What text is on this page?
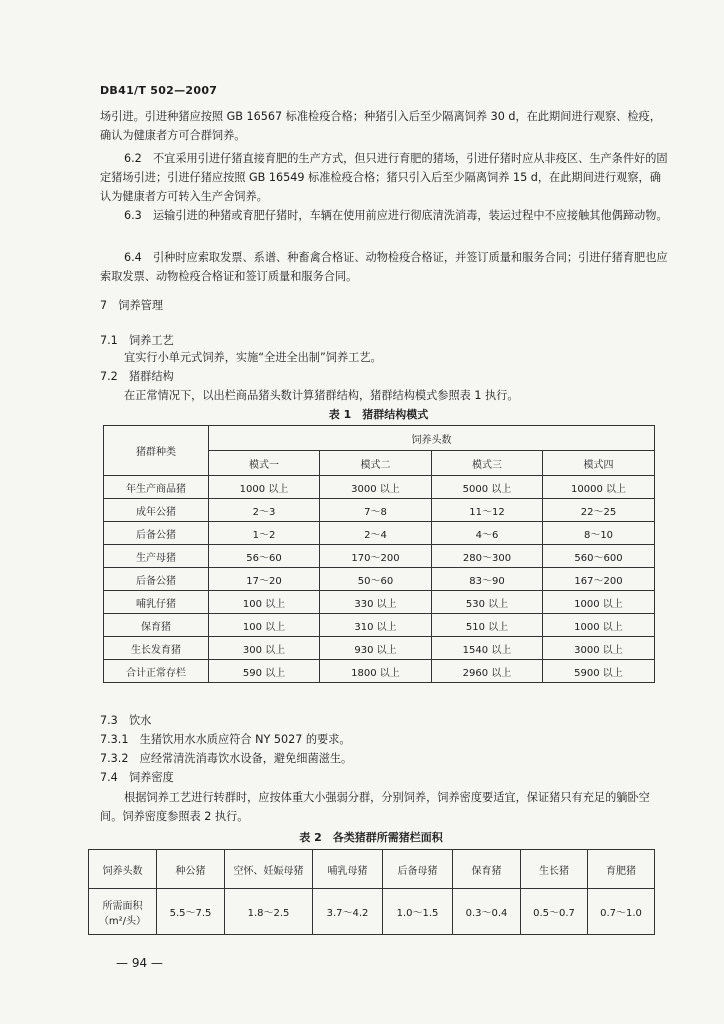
DB41/T 502—2007
场引进。引进种猪应按照 GB 16567 标准检疫合格；种猪引入后至少隔离饲养 30 d，在此期间进行观察、检疫，确认为健康者方可合群饲养。
6.2　不宜采用引进仔猪直接育肥的生产方式，但只进行育肥的猪场，引进仔猪时应从非疫区、生产条件好的固定猪场引进；引进仔猪应按照 GB 16549 标准检疫合格；猪只引入后至少隔离饲养 15 d，在此期间进行观察，确认为健康者方可转入生产舍饲养。
6.3　运输引进的种猪或育肥仔猪时，车辆在使用前应进行彻底清洗消毒，装运过程中不应接触其他偶蹄动物。
6.4　引种时应索取发票、系谱、种畜禽合格证、动物检疫合格证，并签订质量和服务合同；引进仔猪育肥也应索取发票、动物检疫合格证和签订质量和服务合同。
7　饲养管理
7.1　饲养工艺
宜实行小单元式饲养，实施“全进全出制”饲养工艺。
7.2　猪群结构
在正常情况下，以出栏商品猪头数计算猪群结构，猪群结构模式参照表 1 执行。
表 1　猪群结构模式
猪群种类	饲养头数			
	模式一	模式二	模式三	模式四
年生产商品猪	1000 以上	3000 以上	5000 以上	10000 以上
成年公猪	2～3	7～8	11～12	22～25
后备公猪	1～2	2～4	4～6	8～10
生产母猪	56～60	170～200	280～300	560～600
后备公猪	17～20	50～60	83～90	167～200
哺乳仔猪	100 以上	330 以上	530 以上	1000 以上
保育猪	100 以上	310 以上	510 以上	1000 以上
生长发育猪	300 以上	930 以上	1540 以上	3000 以上
合计正常存栏	590 以上	1800 以上	2960 以上	5900 以上
7.3　饮水
7.3.1　生猪饮用水水质应符合 NY 5027 的要求。
7.3.2　应经常清洗消毒饮水设备，避免细菌滋生。
7.4　饲养密度
根据饲养工艺进行转群时，应按体重大小强弱分群，分别饲养，饲养密度要适宜，保证猪只有充足的躺卧空间。饲养密度参照表 2 执行。
表 2　各类猪群所需猪栏面积
饲养头数	种公猪	空怀、妊娠母猪	哺乳母猪	后备母猪	保育猪	生长猪	育肥猪

所需面积
（m²/头）	5.5～7.5	1.8～2.5	3.7～4.2	1.0～1.5	0.3～0.4	0.5～0.7	0.7～1.0
— 94 —
